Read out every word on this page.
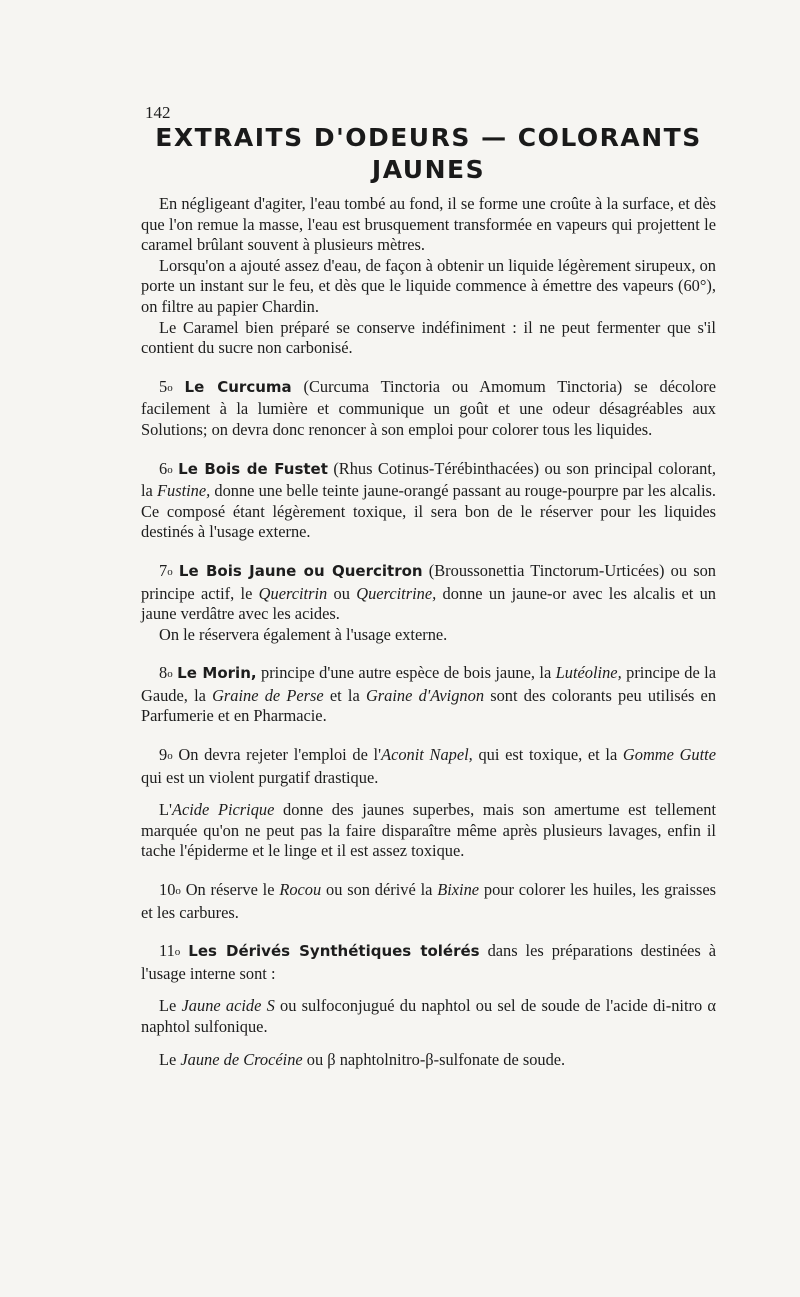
142
EXTRAITS D'ODEURS — COLORANTS
JAUNES

En négligeant d'agiter, l'eau tombé au fond, il se forme une croûte à la surface, et dès que l'on remue la masse, l'eau est brusquement transformée en vapeurs qui projettent le caramel brûlant souvent à plusieurs mètres.

Lorsqu'on a ajouté assez d'eau, de façon à obtenir un liquide légèrement sirupeux, on porte un instant sur le feu, et dès que le liquide commence à émettre des vapeurs (60°), on filtre au papier Chardin.

Le Caramel bien préparé se conserve indéfiniment : il ne peut fermenter que s'il contient du sucre non carbonisé.

5o Le Curcuma (Curcuma Tinctoria ou Amomum Tinctoria) se décolore facilement à la lumière et communique un goût et une odeur désagréables aux Solutions; on devra donc renoncer à son emploi pour colorer tous les liquides.

6o Le Bois de Fustet (Rhus Cotinus-Térébinthacées) ou son principal colorant, la Fustine, donne une belle teinte jaune-orangé passant au rouge-pourpre par les alcalis. Ce composé étant légèrement toxique, il sera bon de le réserver pour les liquides destinés à l'usage externe.

7o Le Bois Jaune ou Quercitron (Broussonettia Tinctorum-Urticées) ou son principe actif, le Quercitrin ou Quercitrine, donne un jaune-or avec les alcalis et un jaune verdâtre avec les acides.

On le réservera également à l'usage externe.

8o Le Morin, principe d'une autre espèce de bois jaune, la Lutéoline, principe de la Gaude, la Graine de Perse et la Graine d'Avignon sont des colorants peu utilisés en Parfumerie et en Pharmacie.

9o On devra rejeter l'emploi de l'Aconit Napel, qui est toxique, et la Gomme Gutte qui est un violent purgatif drastique.

L'Acide Picrique donne des jaunes superbes, mais son amertume est tellement marquée qu'on ne peut pas la faire disparaître même après plusieurs lavages, enfin il tache l'épiderme et le linge et il est assez toxique.

10o On réserve le Rocou ou son dérivé la Bixine pour colorer les huiles, les graisses et les carbures.

11o Les Dérivés Synthétiques tolérés dans les préparations destinées à l'usage interne sont :

Le Jaune acide S ou sulfoconjugué du naphtol ou sel de soude de l'acide di-nitro α naphtol sulfonique.

Le Jaune de Crocéine ou β naphtolnitro-β-sulfonate de soude.
